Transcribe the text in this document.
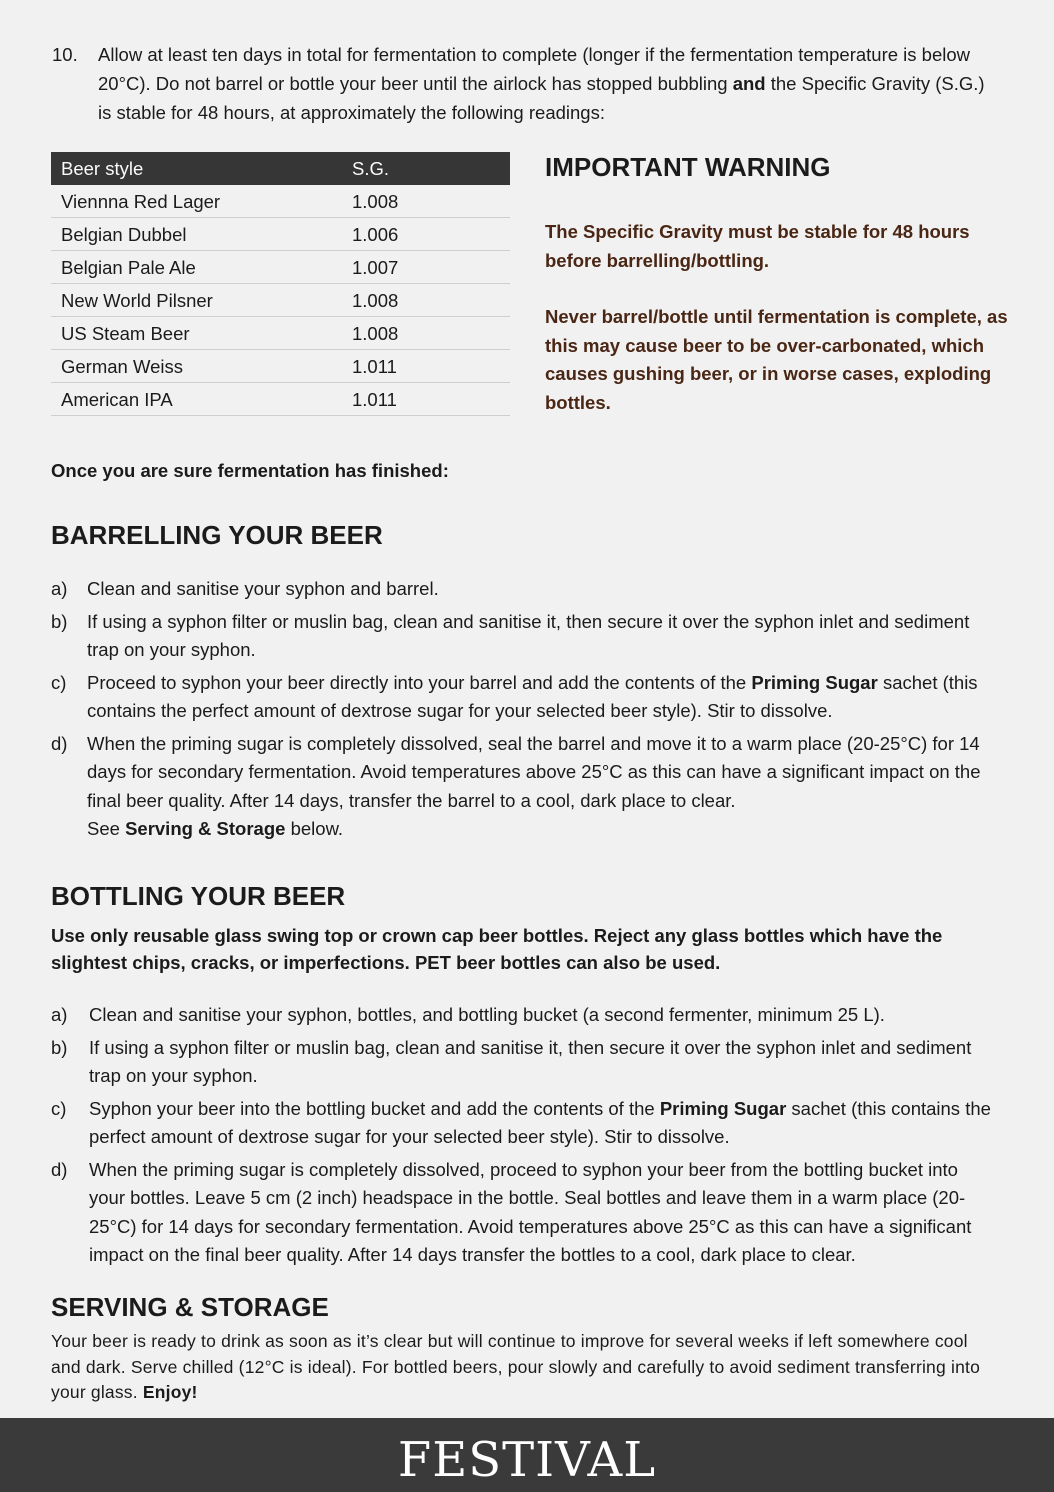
10. Allow at least ten days in total for fermentation to complete (longer if the fermentation temperature is below 20°C). Do not barrel or bottle your beer until the airlock has stopped bubbling and the Specific Gravity (S.G.) is stable for 48 hours, at approximately the following readings:
Beer style	S.G.
Viennna Red Lager	1.008
Belgian Dubbel	1.006
Belgian Pale Ale	1.007
New World Pilsner	1.008
US Steam Beer	1.008
German Weiss	1.011
American IPA	1.011
IMPORTANT WARNING

The Specific Gravity must be stable for 48 hours before barrelling/bottling.

Never barrel/bottle until fermentation is complete, as this may cause beer to be over-carbonated, which causes gushing beer, or in worse cases, exploding bottles.

Once you are sure fermentation has finished:

BARRELLING YOUR BEER
a) Clean and sanitise your syphon and barrel.
b) If using a syphon filter or muslin bag, clean and sanitise it, then secure it over the syphon inlet and sediment trap on your syphon.
c) Proceed to syphon your beer directly into your barrel and add the contents of the Priming Sugar sachet (this contains the perfect amount of dextrose sugar for your selected beer style). Stir to dissolve.
d) When the priming sugar is completely dissolved, seal the barrel and move it to a warm place (20-25°C) for 14 days for secondary fermentation. Avoid temperatures above 25°C as this can have a significant impact on the final beer quality. After 14 days, transfer the barrel to a cool, dark place to clear.
See Serving & Storage below.
BOTTLING YOUR BEER

Use only reusable glass swing top or crown cap beer bottles. Reject any glass bottles which have the slightest chips, cracks, or imperfections. PET beer bottles can also be used.

a) Clean and sanitise your syphon, bottles, and bottling bucket (a second fermenter, minimum 25 L).
b) If using a syphon filter or muslin bag, clean and sanitise it, then secure it over the syphon inlet and sediment trap on your syphon.
c) Syphon your beer into the bottling bucket and add the contents of the Priming Sugar sachet (this contains the perfect amount of dextrose sugar for your selected beer style). Stir to dissolve.
d) When the priming sugar is completely dissolved, proceed to syphon your beer from the bottling bucket into your bottles. Leave 5 cm (2 inch) headspace in the bottle. Seal bottles and leave them in a warm place (20-25°C) for 14 days for secondary fermentation. Avoid temperatures above 25°C as this can have a significant impact on the final beer quality. After 14 days transfer the bottles to a cool, dark place to clear.
SERVING & STORAGE

Your beer is ready to drink as soon as it’s clear but will continue to improve for several weeks if left somewhere cool and dark. Serve chilled (12°C is ideal). For bottled beers, pour slowly and carefully to avoid sediment transferring into your glass. Enjoy!

FESTIVAL
